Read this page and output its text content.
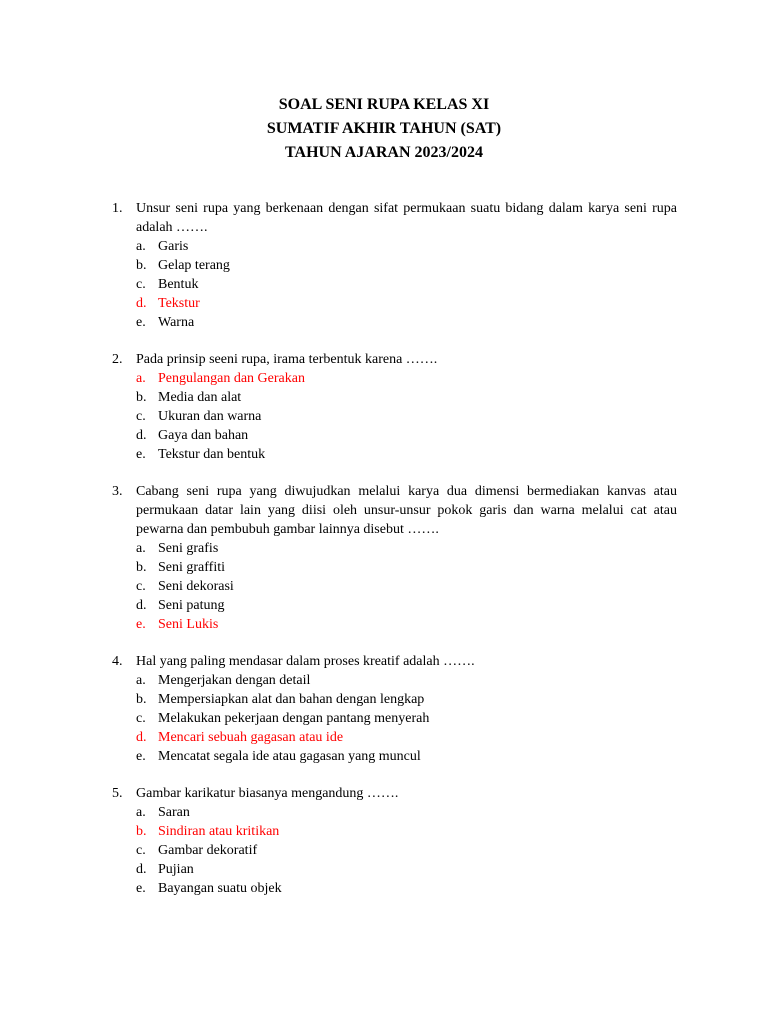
SOAL SENI RUPA KELAS XI
SUMATIF AKHIR TAHUN (SAT)
TAHUN AJARAN 2023/2024
1. Unsur seni rupa yang berkenaan dengan sifat permukaan suatu bidang dalam karya seni rupa adalah …….
a. Garis
b. Gelap terang
c. Bentuk
d. Tekstur
e. Warna
2. Pada prinsip seeni rupa, irama terbentuk karena …….
a. Pengulangan dan Gerakan
b. Media dan alat
c. Ukuran dan warna
d. Gaya dan bahan
e. Tekstur dan bentuk
3. Cabang seni rupa yang diwujudkan melalui karya dua dimensi bermediakan kanvas atau permukaan datar lain yang diisi oleh unsur-unsur pokok garis dan warna melalui cat atau pewarna dan pembubuh gambar lainnya disebut …….
a. Seni grafis
b. Seni graffiti
c. Seni dekorasi
d. Seni patung
e. Seni Lukis
4. Hal yang paling mendasar dalam proses kreatif adalah …….
a. Mengerjakan dengan detail
b. Mempersiapkan alat dan bahan dengan lengkap
c. Melakukan pekerjaan dengan pantang menyerah
d. Mencari sebuah gagasan atau ide
e. Mencatat segala ide atau gagasan yang muncul
5. Gambar karikatur biasanya mengandung …….
a. Saran
b. Sindiran atau kritikan
c. Gambar dekoratif
d. Pujian
e. Bayangan suatu objek
